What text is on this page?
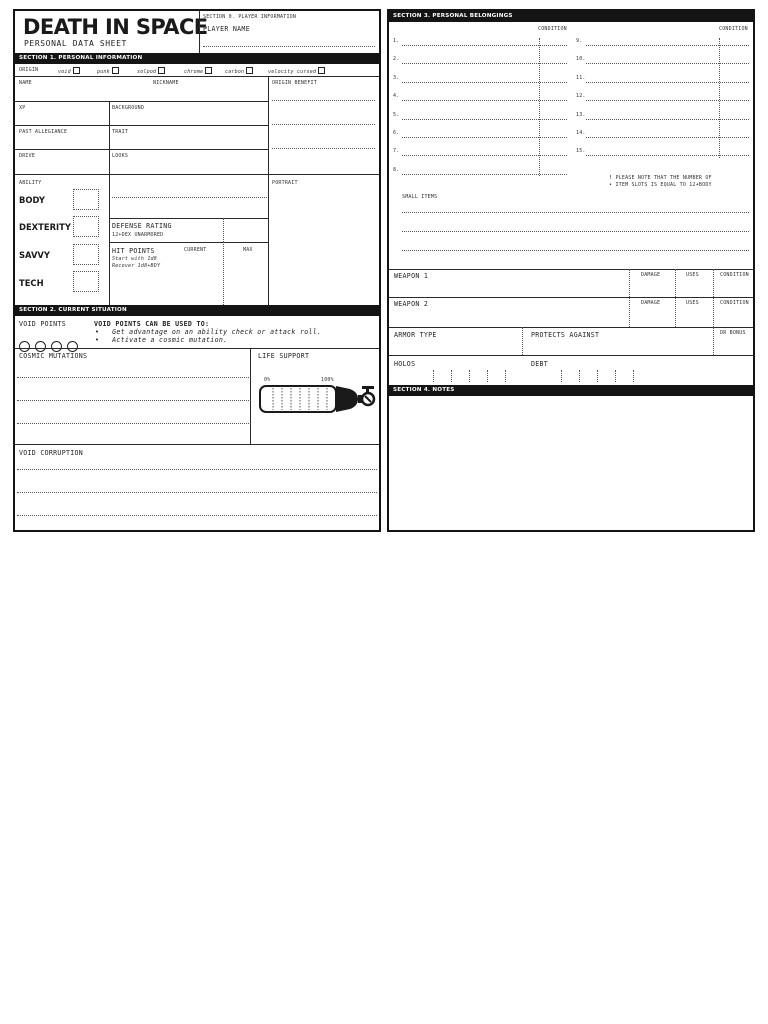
DEATH IN SPACE
PERSONAL DATA SHEET
SECTION 0. PLAYER INFORMATION
PLAYER NAME
SECTION 1. PERSONAL INFORMATION
ORIGIN	void	punk	solpod	chrome	carbon	velocity cursed
NAME	NICKNAME	ORIGIN BENEFIT
XP	BACKGROUND
PAST ALLEGIANCE	TRAIT
DRIVE	LOOKS
ABILITY	PORTRAIT
BODY
DEXTERITY
SAVVY
TECH
DEFENSE RATING
12+DEX UNARMORED
HIT POINTS	CURRENT	MAX
Start with 1d8
Recover 1d8+BDY
SECTION 2. CURRENT SITUATION
VOID POINTS	VOID POINTS CAN BE USED TO:
•   Get advantage on an ability check or attack roll.
•   Activate a cosmic mutation.
COSMIC MUTATIONS	LIFE SUPPORT
0%	100%
VOID CORRUPTION
SECTION 3. PERSONAL BELONGINGS
CONDITION	CONDITION
1.
2.
3.
4.
5.
6.
7.
8.
9.
10.
11.
12.
13.
14.
15.
! PLEASE NOTE THAT THE NUMBER OF
• ITEM SLOTS IS EQUAL TO 12+BODY
SMALL ITEMS
WEAPON 1	DAMAGE	USES	CONDITION
WEAPON 2	DAMAGE	USES	CONDITION
ARMOR TYPE	PROTECTS AGAINST	DR BONUS
HOLOS	DEBT
SECTION 4. NOTES
